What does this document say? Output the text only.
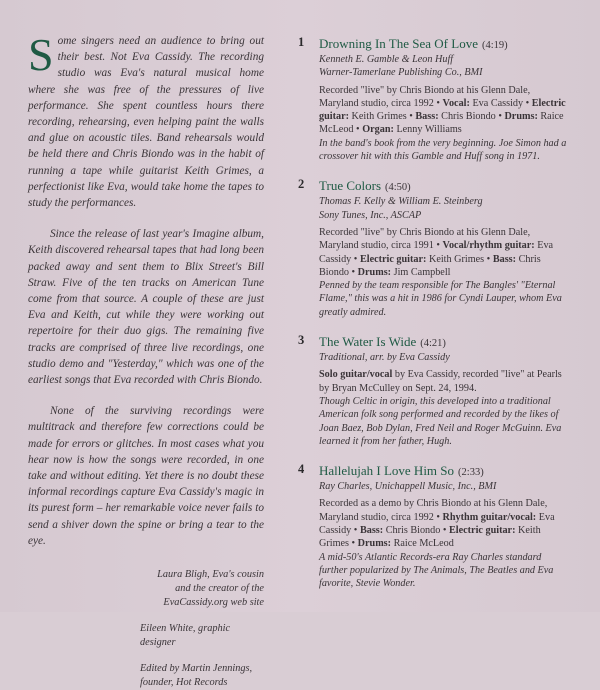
Some singers need an audience to bring out their best. Not Eva Cassidy. The recording studio was Eva's natural musical home where she was free of the pressures of live performance. She spent countless hours there recording, rehearsing, even helping paint the walls and glue on acoustic tiles. Band rehearsals would be held there and Chris Biondo was in the habit of running a tape while guitarist Keith Grimes, a perfectionist like Eva, would take home the tapes to study the performances.

Since the release of last year's Imagine album, Keith discovered rehearsal tapes that had long been packed away and sent them to Blix Street's Bill Straw. Five of the ten tracks on American Tune come from that source. A couple of these are just Eva and Keith, cut while they were working out repertoire for their duo gigs. The remaining five tracks are comprised of three live recordings, one studio demo and "Yesterday," which was one of the earliest songs that Eva recorded with Chris Biondo.

None of the surviving recordings were multitrack and therefore few corrections could be made for errors or glitches. In most cases what you hear now is how the songs were recorded, in one take and without editing. Yet there is no doubt these informal recordings capture Eva Cassidy's magic in its purest form – her remarkable voice never fails to send a shiver down the spine or bring a tear to the eye.

Laura Bligh, Eva's cousin

and the creator of the

EvaCassidy.org web site

Eileen White, graphic designer

Edited by Martin Jennings,

founder, Hot Records

1 Drowning In The Sea Of Love (4:19)
Kenneth E. Gamble & Leon Huff
Warner-Tamerlane Publishing Co., BMI
Recorded "live" by Chris Biondo at his Glenn Dale, Maryland studio, circa 1992 • Vocal: Eva Cassidy • Electric guitar: Keith Grimes • Bass: Chris Biondo • Drums: Raice McLeod • Organ: Lenny Williams
In the band's book from the very beginning. Joe Simon had a crossover hit with this Gamble and Huff song in 1971.
2 True Colors (4:50)
Thomas F. Kelly & William E. Steinberg
Sony Tunes, Inc., ASCAP
Recorded "live" by Chris Biondo at his Glenn Dale, Maryland studio, circa 1991 • Vocal/rhythm guitar: Eva Cassidy • Electric guitar: Keith Grimes • Bass: Chris Biondo • Drums: Jim Campbell
Penned by the team responsible for The Bangles' "Eternal Flame," this was a hit in 1986 for Cyndi Lauper, whom Eva greatly admired.
3 The Water Is Wide (4:21)
Traditional, arr. by Eva Cassidy
Solo guitar/vocal by Eva Cassidy, recorded "live" at Pearls by Bryan McCulley on Sept. 24, 1994.
Though Celtic in origin, this developed into a traditional American folk song performed and recorded by the likes of Joan Baez, Bob Dylan, Fred Neil and Roger McGuinn. Eva learned it from her father, Hugh.
4 Hallelujah I Love Him So (2:33)
Ray Charles, Unichappell Music, Inc., BMI
Recorded as a demo by Chris Biondo at his Glenn Dale, Maryland studio, circa 1992 • Rhythm guitar/vocal: Eva Cassidy • Bass: Chris Biondo • Electric guitar: Keith Grimes • Drums: Raice McLeod
A mid-50's Atlantic Records-era Ray Charles standard further popularized by The Animals, The Beatles and Eva favorite, Stevie Wonder.
